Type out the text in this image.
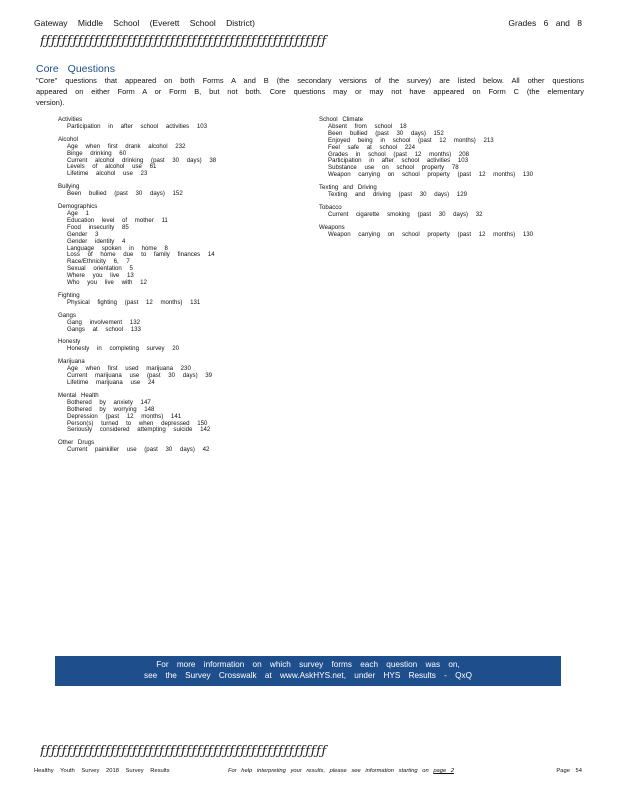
Gateway Middle School (Everett School District)	Grades 6 and 8
ƒƒƒƒƒƒƒƒƒƒƒƒƒƒƒƒƒƒƒƒƒƒƒƒƒƒƒƒƒƒƒƒƒƒƒƒƒƒƒƒƒƒƒƒƒƒƒƒƒƒƒƒƒ
Core Questions
"Core" questions that appeared on both Forms A and B (the secondary versions of the survey) are listed below. All other questions appeared on either Form A or Form B, but not both. Core questions may or may not have appeared on Form C (the elementary version).
Activities
Participation in after school activities 103
Alcohol
Age when first drank alcohol 232
Binge drinking 60
Current alcohol drinking (past 30 days) 38
Levels of alcohol use 61
Lifetime alcohol use 23
Bullying
Been bullied (past 30 days) 152
Demographics
Age 1
Education level of mother 11
Food insecurity 85
Gender 3
Gender identity 4
Language spoken in home 8
Loss of home due to family finances 14
Race/Ethnicity 6, 7
Sexual orientation 5
Where you live 13
Who you live with 12
Fighting
Physical fighting (past 12 months) 131
Gangs
Gang involvement 132
Gangs at school 133
Honesty
Honesty in completing survey 20
Marijuana
Age when first used marijuana 230
Current marijuana use (past 30 days) 39
Lifetime marijuana use 24
Mental Health
Bothered by anxiety 147
Bothered by worrying 148
Depression (past 12 months) 141
Person(s) turned to when depressed 150
Seriously considered attempting suicide 142
Other Drugs
Current painkiller use (past 30 days) 42
School Climate
Absent from school 18
Been bullied (past 30 days) 152
Enjoyed being in school (past 12 months) 213
Feel safe at school 224
Grades in school (past 12 months) 208
Participation in after school activities 103
Substance use on school property 78
Weapon carrying on school property (past 12 months) 130
Texting and Driving
Texting and driving (past 30 days) 129
Tobacco
Current cigarette smoking (past 30 days) 32
Weapons
Weapon carrying on school property (past 12 months) 130
For more information on which survey forms each question was on,
see the Survey Crosswalk at www.AskHYS.net, under HYS Results - QxQ
ƒƒƒƒƒƒƒƒƒƒƒƒƒƒƒƒƒƒƒƒƒƒƒƒƒƒƒƒƒƒƒƒƒƒƒƒƒƒƒƒƒƒƒƒƒƒƒƒƒƒƒƒƒ
Healthy Youth Survey 2018 Survey Results	For help interpreting your results, please see information starting on page 2	Page 54
